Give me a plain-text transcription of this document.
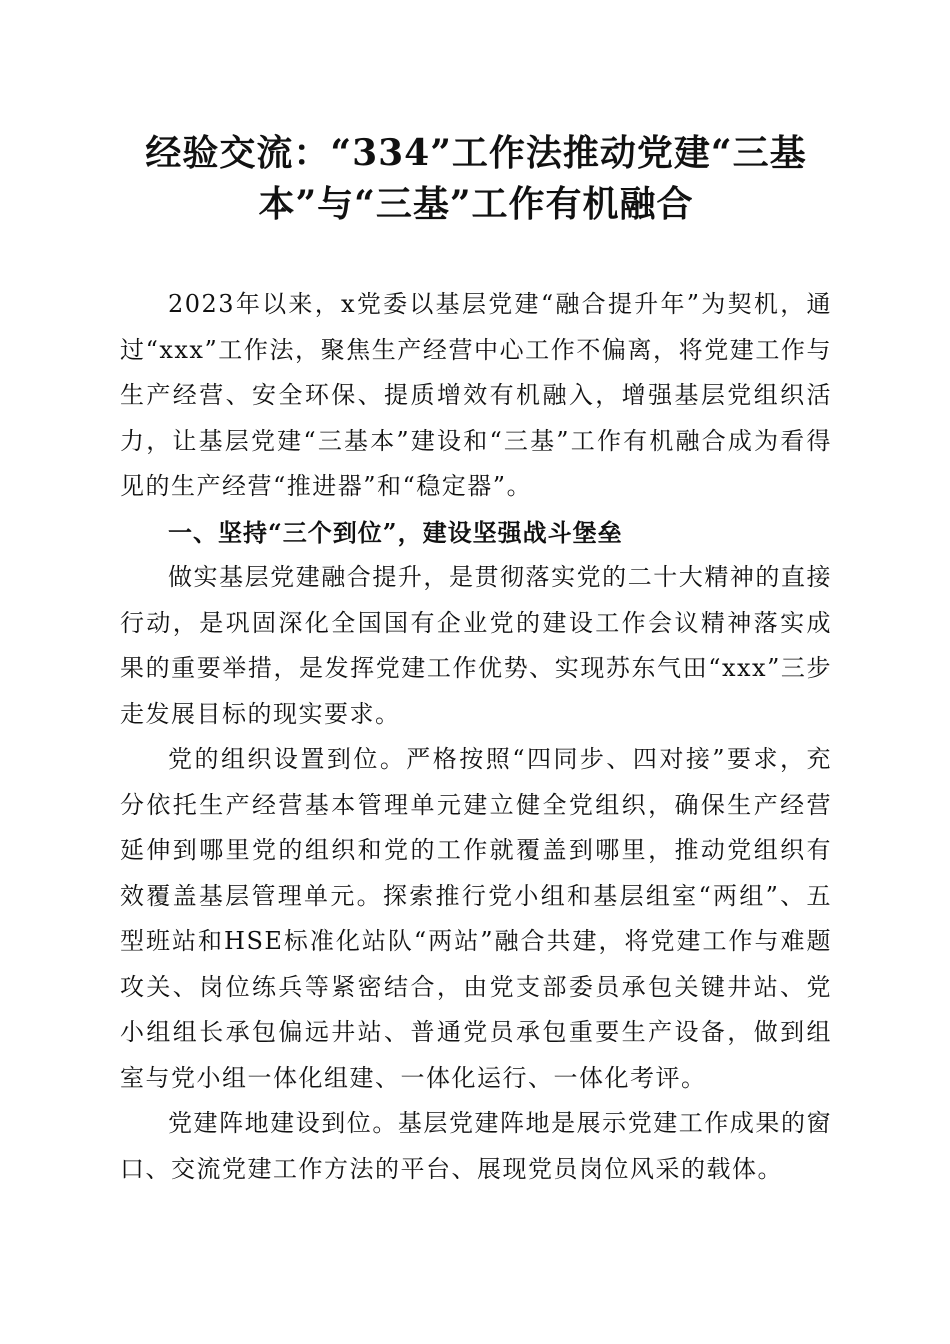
经验交流：“334”工作法推动党建“三基
本”与“三基”工作有机融合

2023年以来，x党委以基层党建“融合提升年”为契机，通过“xxx”工作法，聚焦生产经营中心工作不偏离，将党建工作与生产经营、安全环保、提质增效有机融入，增强基层党组织活力，让基层党建“三基本”建设和“三基”工作有机融合成为看得见的生产经营“推进器”和“稳定器”。

一、坚持“三个到位”，建设坚强战斗堡垒

做实基层党建融合提升，是贯彻落实党的二十大精神的直接行动，是巩固深化全国国有企业党的建设工作会议精神落实成果的重要举措，是发挥党建工作优势、实现苏东气田“xxx”三步走发展目标的现实要求。

党的组织设置到位。严格按照“四同步、四对接”要求，充分依托生产经营基本管理单元建立健全党组织，确保生产经营延伸到哪里党的组织和党的工作就覆盖到哪里，推动党组织有效覆盖基层管理单元。探索推行党小组和基层组室“两组”、五型班站和HSE标准化站队“两站”融合共建，将党建工作与难题攻关、岗位练兵等紧密结合，由党支部委员承包关键井站、党小组组长承包偏远井站、普通党员承包重要生产设备，做到组室与党小组一体化组建、一体化运行、一体化考评。

党建阵地建设到位。基层党建阵地是展示党建工作成果的窗口、交流党建工作方法的平台、展现党员岗位风采的载体。
